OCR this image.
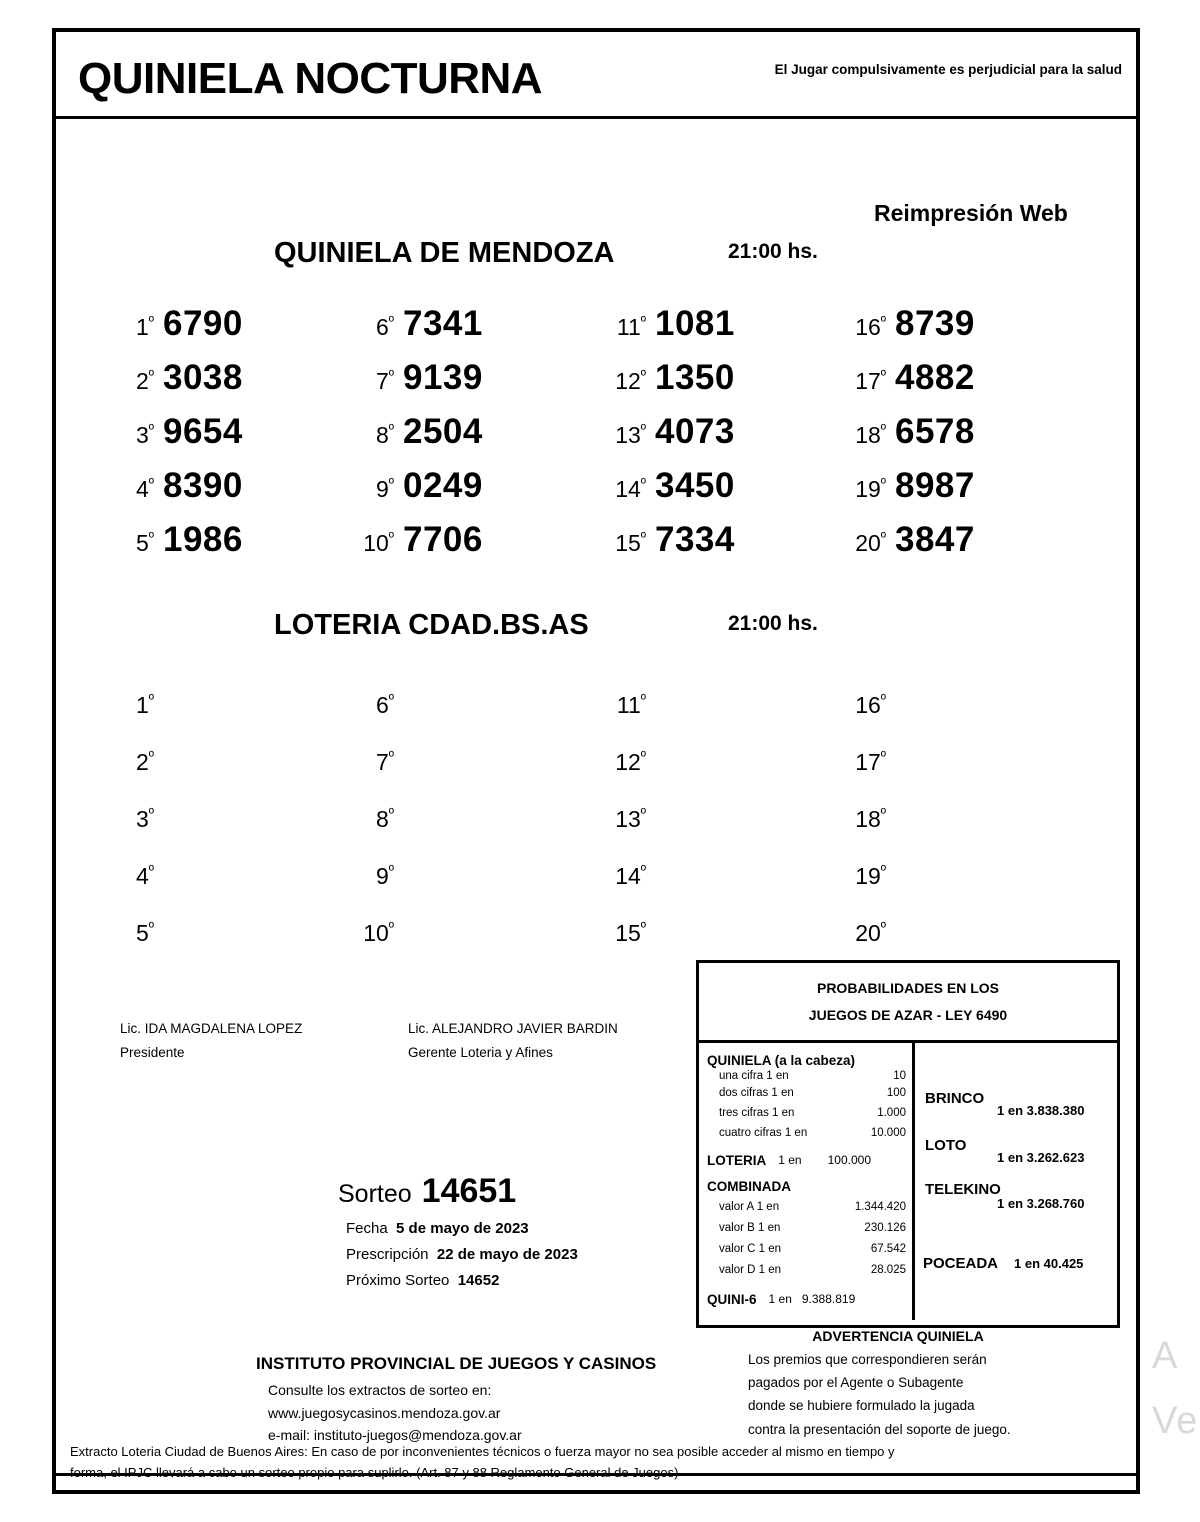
A
Ve
QUINIELA NOCTURNA	El Jugar compulsivamente es perjudicial para la salud
QUINIELA DE MENDOZA	21:00 hs.
Reimpresión Web
$1^º$ 6790	$6^º$ 7341	$11^º$ 1081	$16^º$ 8739
$2^º$ 3038	$7^º$ 9139	$12^º$ 1350	$17^º$ 4882
$3^º$ 9654	$8^º$ 2504	$13^º$ 4073	$18^º$ 6578
$4^º$ 8390	$9^º$ 0249	$14^º$ 3450	$19^º$ 8987
$5^º$ 1986	$10^º$ 7706	$15^º$ 7334	$20^º$ 3847
LOTERIA CDAD.BS.AS	21:00 hs.
$1^º$	$6^º$	$11^º$	$16^º$
$2^º$	$7^º$	$12^º$	$17^º$
$3^º$	$8^º$	$13^º$	$18^º$
$4^º$	$9^º$	$14^º$	$19^º$
$5^º$	$10^º$	$15^º$	$20^º$
Lic. IDA MAGDALENA LOPEZ
Presidente
Lic. ALEJANDRO JAVIER BARDIN
Gerente Loteria y Afines
Sorteo 14651
Fecha 5 de mayo de 2023
Prescripción 22 de mayo de 2023
Próximo Sorteo 14652
PROBABILIDADES EN LOS
JUEGOS DE AZAR - LEY 6490
QUINIELA (a la cabeza)
una cifra 1 en	10
dos cifras 1 en	100
tres cifras 1 en	1.000
cuatro cifras 1 en	10.000
LOTERIA 1 en 100.000
COMBINADA
valor A 1 en	1.344.420
valor B 1 en	230.126
valor C 1 en	67.542
valor D 1 en	28.025
QUINI-6 1 en 9.388.819
BRINCO
1 en 3.838.380
LOTO
1 en 3.262.623
TELEKINO
1 en 3.268.760
POCEADA 1 en 40.425
INSTITUTO PROVINCIAL DE JUEGOS Y CASINOS
Consulte los extractos de sorteo en:
www.juegosycasinos.mendoza.gov.ar
e-mail: instituto-juegos@mendoza.gov.ar
ADVERTENCIA QUINIELA
Los premios que correspondieren serán
pagados por el Agente o Subagente
donde se hubiere formulado la jugada
contra la presentación del soporte de juego.
Extracto Loteria Ciudad de Buenos Aires: En caso de por inconvenientes técnicos o fuerza mayor no sea posible acceder al mismo en tiempo y
